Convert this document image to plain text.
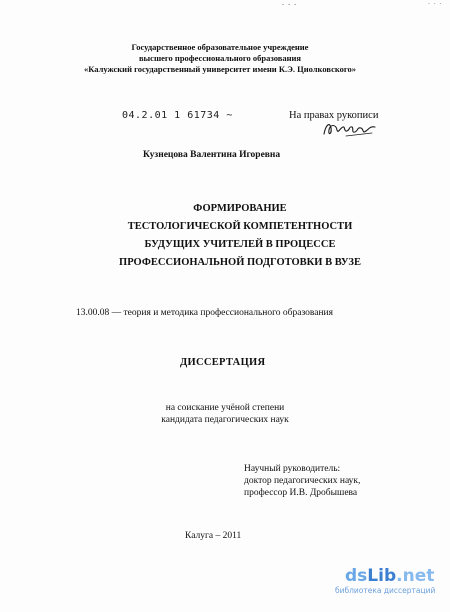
- - -	· · ·
Государственное образовательное учреждение
высшего профессионального образования
«Калужский государственный университет имени К.Э. Циолковского»
04.2.01 1 61734 ~	На правах рукописи
Кузнецова Валентина Игоревна
ФОРМИРОВАНИЕ
ТЕСТОЛОГИЧЕСКОЙ КОМПЕТЕНТНОСТИ
БУДУЩИХ УЧИТЕЛЕЙ В ПРОЦЕССЕ
ПРОФЕССИОНАЛЬНОЙ ПОДГОТОВКИ В ВУЗЕ
13.00.08 — теория и методика профессионального образования
ДИССЕРТАЦИЯ
на соискание учёной степени
кандидата педагогических наук
Научный руководитель:
доктор педагогических наук,
профессор И.В. Дробышева
Калуга – 2011
dsLib.net
библиотека диссертаций
